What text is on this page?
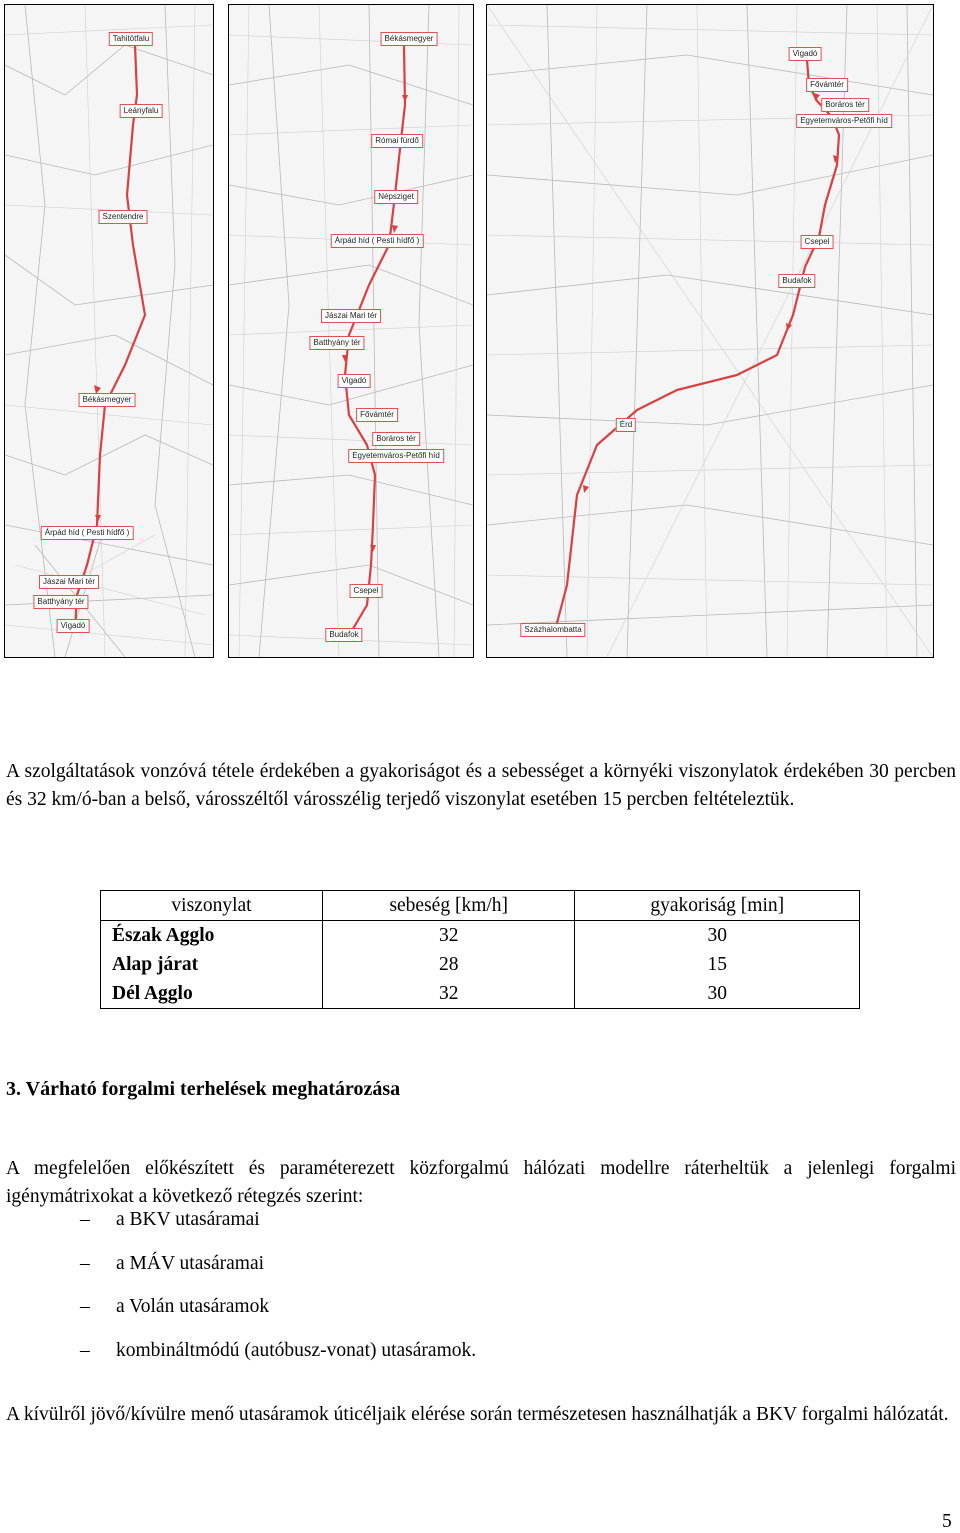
Tahitótfalu
Leányfalu
Szentendre
Békásmegyer
Árpád híd ( Pesti hídfő )
Jászai Mari tér
Batthyány tér
Vigadó
Békásmegyer
Római fürdő
Népsziget
Árpád híd ( Pesti hídfő )
Jászai Mari tér
Batthyány tér
Vigadó
Fővámtér
Boráros tér
Egyetemváros-Petőfi híd
Csepel
Budafok
Vigadó
Fővámtér
Boráros tér
Egyetemváros-Petőfi híd
Csepel
Budafok
Érd
Százhalombatta

A szolgáltatások vonzóvá tétele érdekében a gyakoriságot és a sebességet a környéki viszonylatok érdekében 30 percben és 32 km/ó-ban a belső, városszéltől városszélig terjedő viszonylat esetében 15 percben feltételeztük.

viszonylat	sebeség [km/h]	gyakoriság [min]
Észak Agglo	32	30
Alap járat	28	15
Dél Agglo	32	30
3. Várható forgalmi terhelések meghatározása

A megfelelően előkészített és paraméterezett közforgalmú hálózati modellre ráterheltük a jelenlegi forgalmi igénymátrixokat a következő rétegzés szerint:

–	a BKV utasáramai
–	a MÁV utasáramai
–	a Volán utasáramok
–	kombináltmódú (autóbusz-vonat) utasáramok.

A kívülről jövő/kívülre menő utasáramok úticéljaik elérése során természetesen használhatják a BKV forgalmi hálózatát.

5
